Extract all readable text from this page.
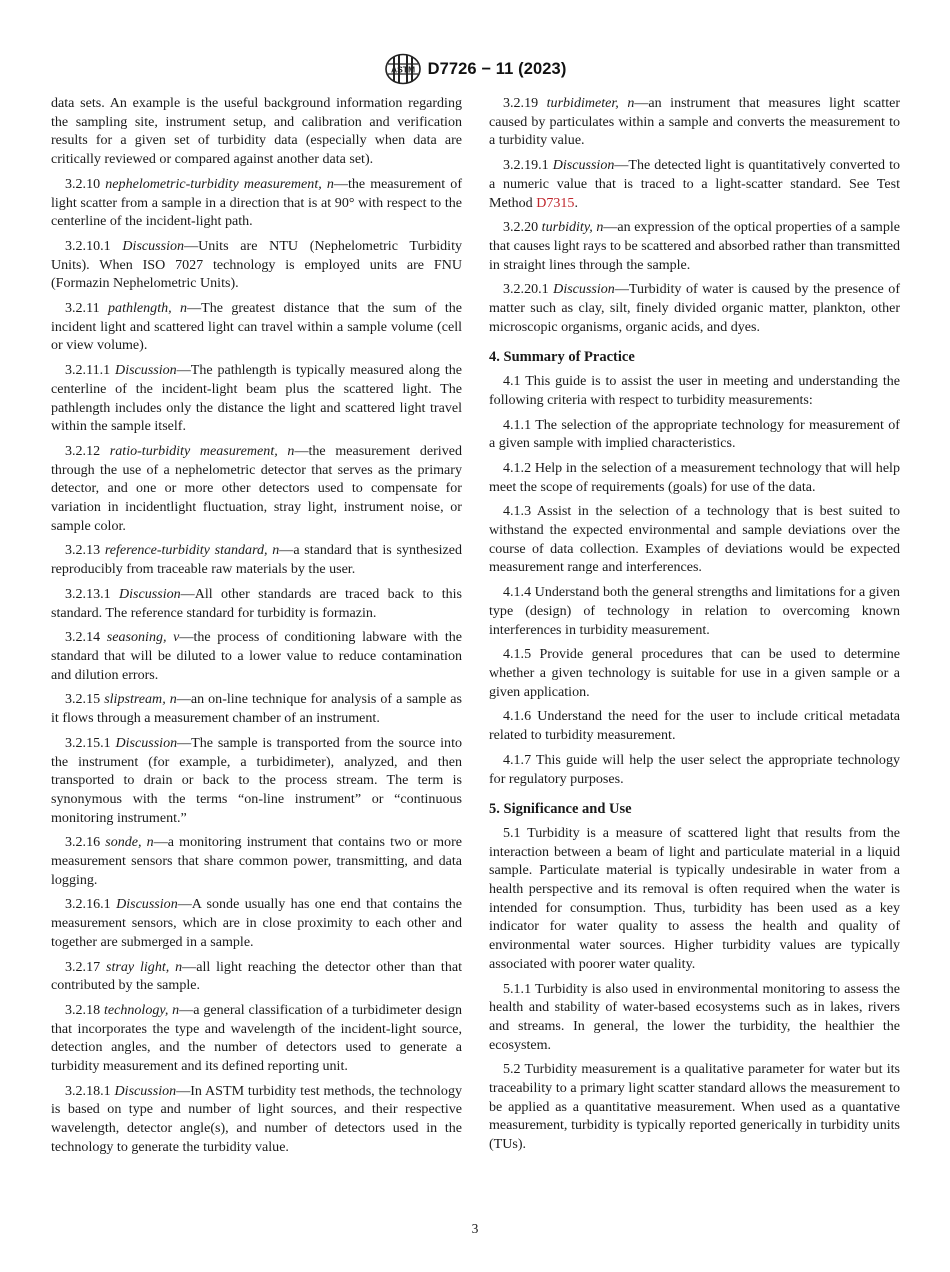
ASTM D7726 − 11 (2023)

data sets. An example is the useful background information regarding the sampling site, instrument setup, and calibration and verification results for a given set of turbidity data (especially when data are critically reviewed or compared against another data set).

3.2.10 nephelometric-turbidity measurement, n—the measurement of light scatter from a sample in a direction that is at 90° with respect to the centerline of the incident-light path.

3.2.10.1 Discussion—Units are NTU (Nephelometric Turbidity Units). When ISO 7027 technology is employed units are FNU (Formazin Nephelometric Units).

3.2.11 pathlength, n—The greatest distance that the sum of the incident light and scattered light can travel within a sample volume (cell or view volume).

3.2.11.1 Discussion—The pathlength is typically measured along the centerline of the incident-light beam plus the scattered light. The pathlength includes only the distance the light and scattered light travel within the sample itself.

3.2.12 ratio-turbidity measurement, n—the measurement derived through the use of a nephelometric detector that serves as the primary detector, and one or more other detectors used to compensate for variation in incidentlight fluctuation, stray light, instrument noise, or sample color.

3.2.13 reference-turbidity standard, n—a standard that is synthesized reproducibly from traceable raw materials by the user.

3.2.13.1 Discussion—All other standards are traced back to this standard. The reference standard for turbidity is formazin.

3.2.14 seasoning, v—the process of conditioning labware with the standard that will be diluted to a lower value to reduce contamination and dilution errors.

3.2.15 slipstream, n—an on-line technique for analysis of a sample as it flows through a measurement chamber of an instrument.

3.2.15.1 Discussion—The sample is transported from the source into the instrument (for example, a turbidimeter), analyzed, and then transported to drain or back to the process stream. The term is synonymous with the terms “on-line instrument” or “continuous monitoring instrument.”

3.2.16 sonde, n—a monitoring instrument that contains two or more measurement sensors that share common power, transmitting, and data logging.

3.2.16.1 Discussion—A sonde usually has one end that contains the measurement sensors, which are in close proximity to each other and together are submerged in a sample.

3.2.17 stray light, n—all light reaching the detector other than that contributed by the sample.

3.2.18 technology, n—a general classification of a turbidimeter design that incorporates the type and wavelength of the incident-light source, detection angles, and the number of detectors used to generate a turbidity measurement and its defined reporting unit.

3.2.18.1 Discussion—In ASTM turbidity test methods, the technology is based on type and number of light sources, and their respective wavelength, detector angle(s), and number of detectors used in the technology to generate the turbidity value.

3.2.19 turbidimeter, n—an instrument that measures light scatter caused by particulates within a sample and converts the measurement to a turbidity value.

3.2.19.1 Discussion—The detected light is quantitatively converted to a numeric value that is traced to a light-scatter standard. See Test Method D7315.

3.2.20 turbidity, n—an expression of the optical properties of a sample that causes light rays to be scattered and absorbed rather than transmitted in straight lines through the sample.

3.2.20.1 Discussion—Turbidity of water is caused by the presence of matter such as clay, silt, finely divided organic matter, plankton, other microscopic organisms, organic acids, and dyes.

4. Summary of Practice

4.1 This guide is to assist the user in meeting and understanding the following criteria with respect to turbidity measurements:

4.1.1 The selection of the appropriate technology for measurement of a given sample with implied characteristics.

4.1.2 Help in the selection of a measurement technology that will help meet the scope of requirements (goals) for use of the data.

4.1.3 Assist in the selection of a technology that is best suited to withstand the expected environmental and sample deviations over the course of data collection. Examples of deviations would be expected measurement range and interferences.

4.1.4 Understand both the general strengths and limitations for a given type (design) of technology in relation to overcoming known interferences in turbidity measurement.

4.1.5 Provide general procedures that can be used to determine whether a given technology is suitable for use in a given sample or a given application.

4.1.6 Understand the need for the user to include critical metadata related to turbidity measurement.

4.1.7 This guide will help the user select the appropriate technology for regulatory purposes.

5. Significance and Use

5.1 Turbidity is a measure of scattered light that results from the interaction between a beam of light and particulate material in a liquid sample. Particulate material is typically undesirable in water from a health perspective and its removal is often required when the water is intended for consumption. Thus, turbidity has been used as a key indicator for water quality to assess the health and quality of environmental water sources. Higher turbidity values are typically associated with poorer water quality.

5.1.1 Turbidity is also used in environmental monitoring to assess the health and stability of water-based ecosystems such as in lakes, rivers and streams. In general, the lower the turbidity, the healthier the ecosystem.

5.2 Turbidity measurement is a qualitative parameter for water but its traceability to a primary light scatter standard allows the measurement to be applied as a quantitative measurement. When used as a quantative measurement, turbidity is typically reported generically in turbidity units (TUs).

3
